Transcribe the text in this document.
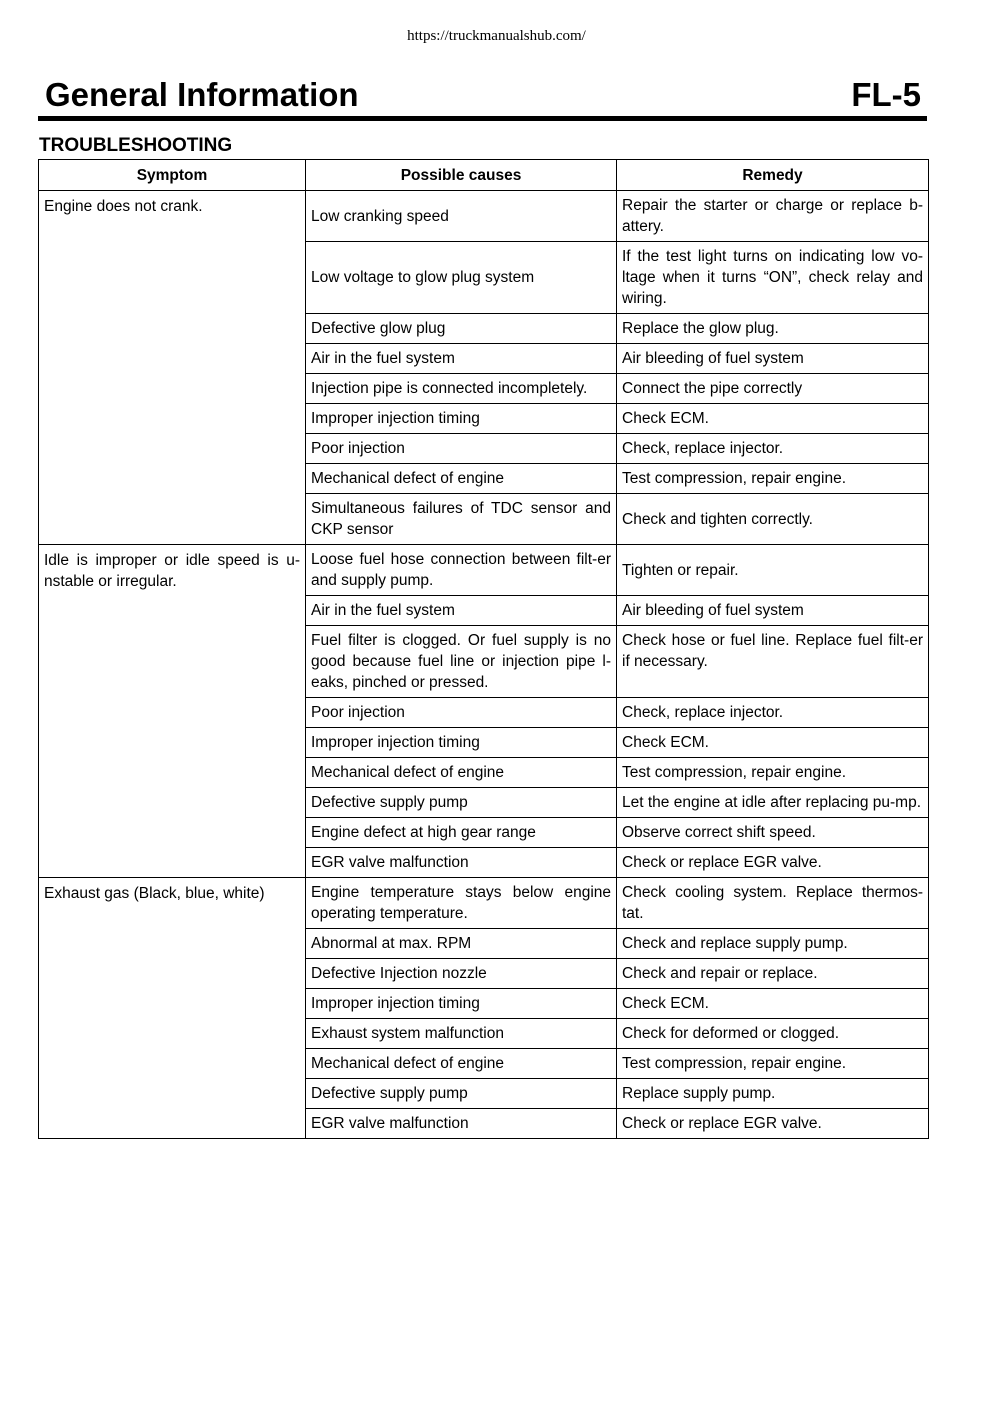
https://truckmanualshub.com/
General Information	FL-5
TROUBLESHOOTING
Symptom	Possible causes	Remedy
Engine does not crank.	Low cranking speed	Repair the starter or charge or replace b-attery.
	Low voltage to glow plug system	If the test light turns on indicating low vo-ltage when it turns “ON”, check relay and wiring.
	Defective glow plug	Replace the glow plug.
	Air in the fuel system	Air bleeding of fuel system
	Injection pipe is connected incompletely.	Connect the pipe correctly
	Improper injection timing	Check ECM.
	Poor injection	Check, replace injector.
	Mechanical defect of engine	Test compression, repair engine.
	Simultaneous failures of TDC sensor and CKP sensor	Check and tighten correctly.
Idle is improper or idle speed is u-nstable or irregular.	Loose fuel hose connection between filt-er and supply pump.	Tighten or repair.
	Air in the fuel system	Air bleeding of fuel system
	Fuel filter is clogged. Or fuel supply is no good because fuel line or injection pipe l-eaks, pinched or pressed.	Check hose or fuel line. Replace fuel filt-er if necessary.
	Poor injection	Check, replace injector.
	Improper injection timing	Check ECM.
	Mechanical defect of engine	Test compression, repair engine.
	Defective supply pump	Let the engine at idle after replacing pu-mp.
	Engine defect at high gear range	Observe correct shift speed.
	EGR valve malfunction	Check or replace EGR valve.
Exhaust gas (Black, blue, white)	Engine temperature stays below engine operating temperature.	Check cooling system. Replace thermos-tat.
	Abnormal at max. RPM	Check and replace supply pump.
	Defective Injection nozzle	Check and repair or replace.
	Improper injection timing	Check ECM.
	Exhaust system malfunction	Check for deformed or clogged.
	Mechanical defect of engine	Test compression, repair engine.
	Defective supply pump	Replace supply pump.
	EGR valve malfunction	Check or replace EGR valve.
